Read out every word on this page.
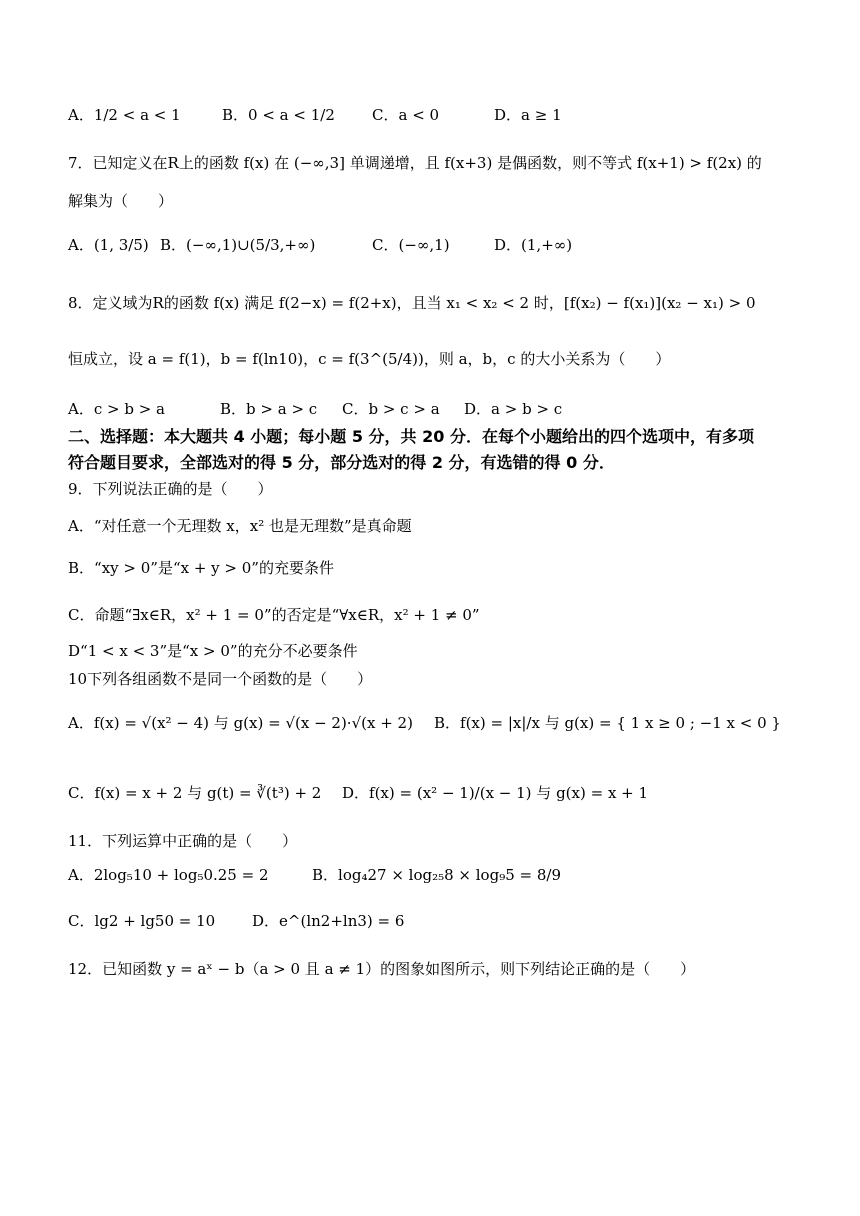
A．1/2 < a < 1	B．0 < a < 1/2 C．a < 0	D．a ≥ 1
7．已知定义在R上的函数 f(x) 在 (−∞,3] 单调递增，且 f(x+3) 是偶函数，则不等式 f(x+1) > f(2x) 的
解集为（　　）
A．(1, 3/5) B．(−∞,1)∪(5/3,+∞)	C．(−∞,1)	D．(1,+∞)
8．定义域为R的函数 f(x) 满足 f(2−x) = f(2+x)，且当 x₁ < x₂ < 2 时，[f(x₂) − f(x₁)](x₂ − x₁) > 0
恒成立，设 a = f(1)，b = f(ln10)，c = f(3^(5/4))，则 a，b，c 的大小关系为（　　）
A．c > b > a	B．b > a > c C．b > c > a D．a > b > c
二、选择题：本大题共 4 小题；每小题 5 分，共 20 分．在每个小题给出的四个选项中，有多项
符合题目要求，全部选对的得 5 分，部分选对的得 2 分，有选错的得 0 分．
9．下列说法正确的是（　　）
A．“对任意一个无理数 x，x² 也是无理数”是真命题
B．“xy > 0”是“x + y > 0”的充要条件
C．命题“∃x∈R，x² + 1 = 0”的否定是“∀x∈R，x² + 1 ≠ 0”
D“1 < x < 3”是“x > 0”的充分不必要条件
10下列各组函数不是同一个函数的是（　　）
A．f(x) = √(x² − 4) 与 g(x) = √(x − 2)·√(x + 2) B．f(x) = |x|/x 与 g(x) = { 1 x ≥ 0 ; −1 x < 0 }
C．f(x) = x + 2 与 g(t) = ∛(t³) + 2 D．f(x) = (x² − 1)/(x − 1) 与 g(x) = x + 1
11．下列运算中正确的是（　　）
A．2log₅10 + log₅0.25 = 2	B．log₄27 × log₂₅8 × log₉5 = 8/9
C．lg2 + lg50 = 10 D．e^(ln2+ln3) = 6
12．已知函数 y = aˣ − b（a > 0 且 a ≠ 1）的图象如图所示，则下列结论正确的是（　　）
